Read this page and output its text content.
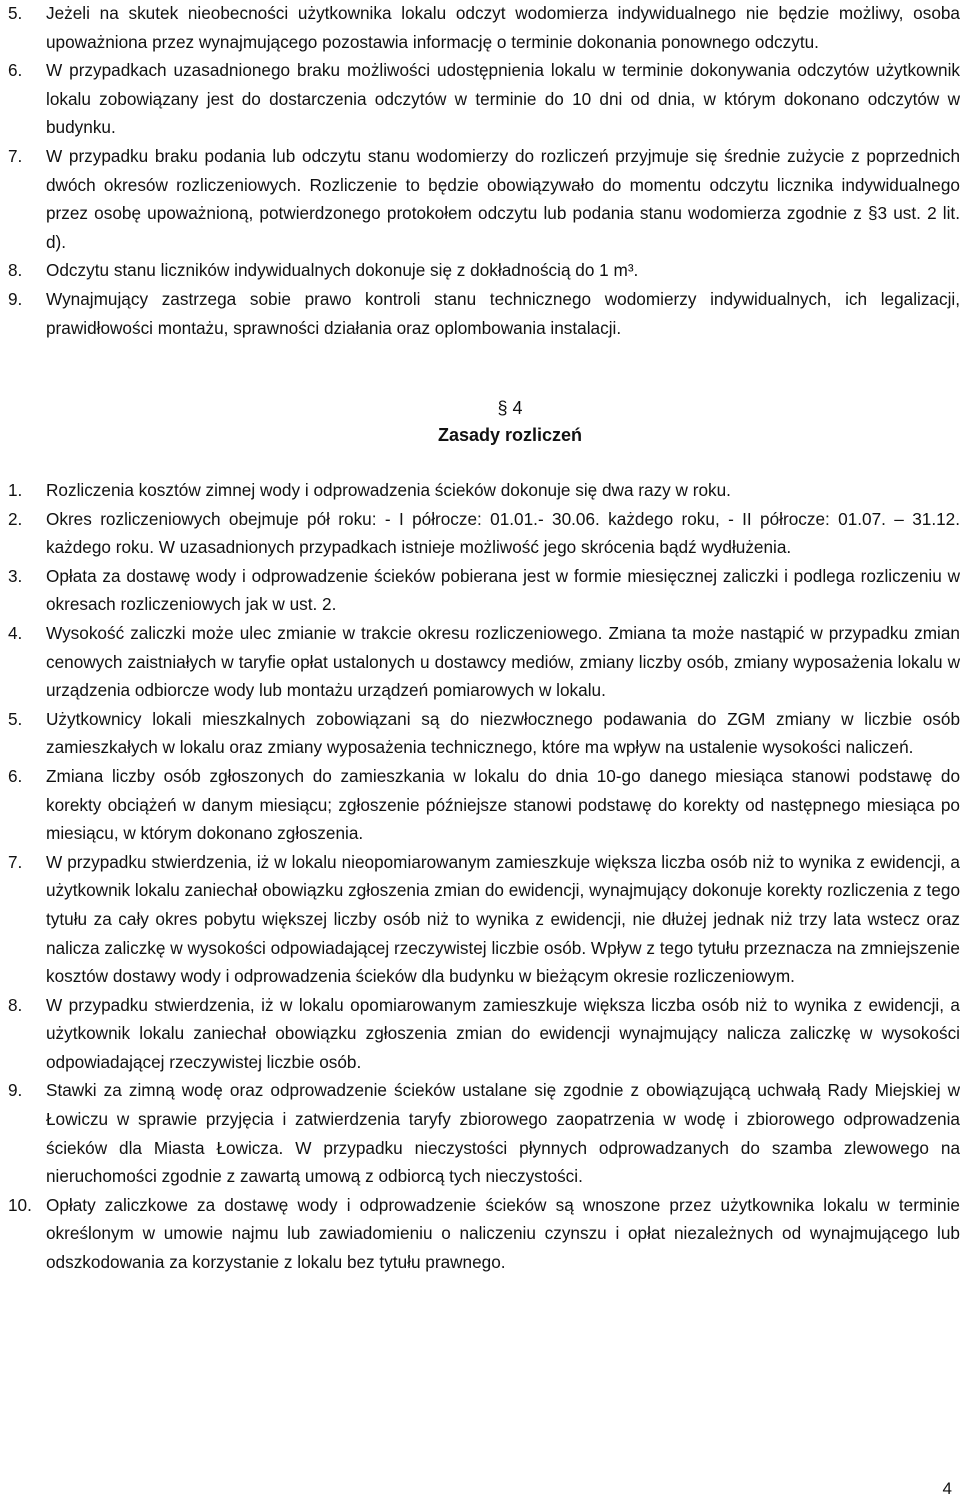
5.	Jeżeli na skutek nieobecności użytkownika lokalu odczyt wodomierza indywidualnego nie będzie możliwy, osoba upoważniona przez wynajmującego pozostawia informację o terminie dokonania ponownego odczytu.
6.	W przypadkach uzasadnionego braku możliwości udostępnienia lokalu w terminie dokonywania odczytów użytkownik lokalu zobowiązany jest do dostarczenia odczytów w terminie do 10 dni od dnia, w którym dokonano odczytów w budynku.
7.	W przypadku braku podania lub odczytu stanu wodomierzy do rozliczeń przyjmuje się średnie zużycie z poprzednich dwóch okresów rozliczeniowych. Rozliczenie to będzie obowiązywało do momentu odczytu licznika indywidualnego przez osobę upoważnioną, potwierdzonego protokołem odczytu lub podania stanu wodomierza zgodnie z §3 ust. 2 lit. d).
8.	Odczytu stanu liczników indywidualnych dokonuje się z dokładnością do 1 m³.
9.	Wynajmujący zastrzega sobie prawo kontroli stanu technicznego wodomierzy indywidualnych, ich legalizacji, prawidłowości montażu, sprawności działania oraz oplombowania instalacji.
§ 4
Zasady rozliczeń
1.	Rozliczenia kosztów zimnej wody i odprowadzenia ścieków dokonuje się dwa razy w roku.
2.	Okres rozliczeniowych obejmuje pół roku: - I półrocze: 01.01.- 30.06. każdego roku, - II półrocze: 01.07. – 31.12. każdego roku. W uzasadnionych przypadkach istnieje możliwość jego skrócenia bądź wydłużenia.
3.	Opłata za dostawę wody i odprowadzenie ścieków pobierana jest w formie miesięcznej zaliczki i podlega rozliczeniu w okresach rozliczeniowych jak w ust. 2.
4.	Wysokość zaliczki może ulec zmianie w trakcie okresu rozliczeniowego. Zmiana ta może nastąpić w przypadku zmian cenowych zaistniałych w taryfie opłat ustalonych u dostawcy mediów, zmiany liczby osób, zmiany wyposażenia lokalu w urządzenia odbiorcze wody lub montażu urządzeń pomiarowych w lokalu.
5.	Użytkownicy lokali mieszkalnych zobowiązani są do niezwłocznego podawania do ZGM zmiany w liczbie osób zamieszkałych w lokalu oraz zmiany wyposażenia technicznego, które ma wpływ na ustalenie wysokości naliczeń.
6.	Zmiana liczby osób zgłoszonych do zamieszkania w lokalu do dnia 10-go danego miesiąca stanowi podstawę do korekty obciążeń w danym miesiącu; zgłoszenie późniejsze stanowi podstawę do korekty od następnego miesiąca po miesiącu, w którym dokonano zgłoszenia.
7.	W przypadku stwierdzenia, iż w lokalu nieopomiarowanym zamieszkuje większa liczba osób niż to wynika z ewidencji, a użytkownik lokalu zaniechał obowiązku zgłoszenia zmian do ewidencji, wynajmujący dokonuje korekty rozliczenia z tego tytułu za cały okres pobytu większej liczby osób niż to wynika z ewidencji, nie dłużej jednak niż trzy lata wstecz oraz nalicza zaliczkę w wysokości odpowiadającej rzeczywistej liczbie osób. Wpływ z tego tytułu przeznacza na zmniejszenie kosztów dostawy wody i odprowadzenia ścieków dla budynku w bieżącym okresie rozliczeniowym.
8.	W przypadku stwierdzenia, iż w lokalu opomiarowanym zamieszkuje większa liczba osób niż to wynika z ewidencji, a użytkownik lokalu zaniechał obowiązku zgłoszenia zmian do ewidencji wynajmujący nalicza zaliczkę w wysokości odpowiadającej rzeczywistej liczbie osób.
9.	Stawki za zimną wodę oraz odprowadzenie ścieków ustalane się zgodnie z obowiązującą uchwałą Rady Miejskiej w Łowiczu w sprawie przyjęcia i zatwierdzenia taryfy zbiorowego zaopatrzenia w wodę i zbiorowego odprowadzenia ścieków dla Miasta Łowicza. W przypadku nieczystości płynnych odprowadzanych do szamba zlewowego na nieruchomości zgodnie z zawartą umową z odbiorcą tych nieczystości.
10. Opłaty zaliczkowe za dostawę wody i odprowadzenie ścieków są wnoszone przez użytkownika lokalu w terminie określonym w umowie najmu lub zawiadomieniu o naliczeniu czynszu i opłat niezależnych od wynajmującego lub odszkodowania za korzystanie z lokalu bez tytułu prawnego.
4
